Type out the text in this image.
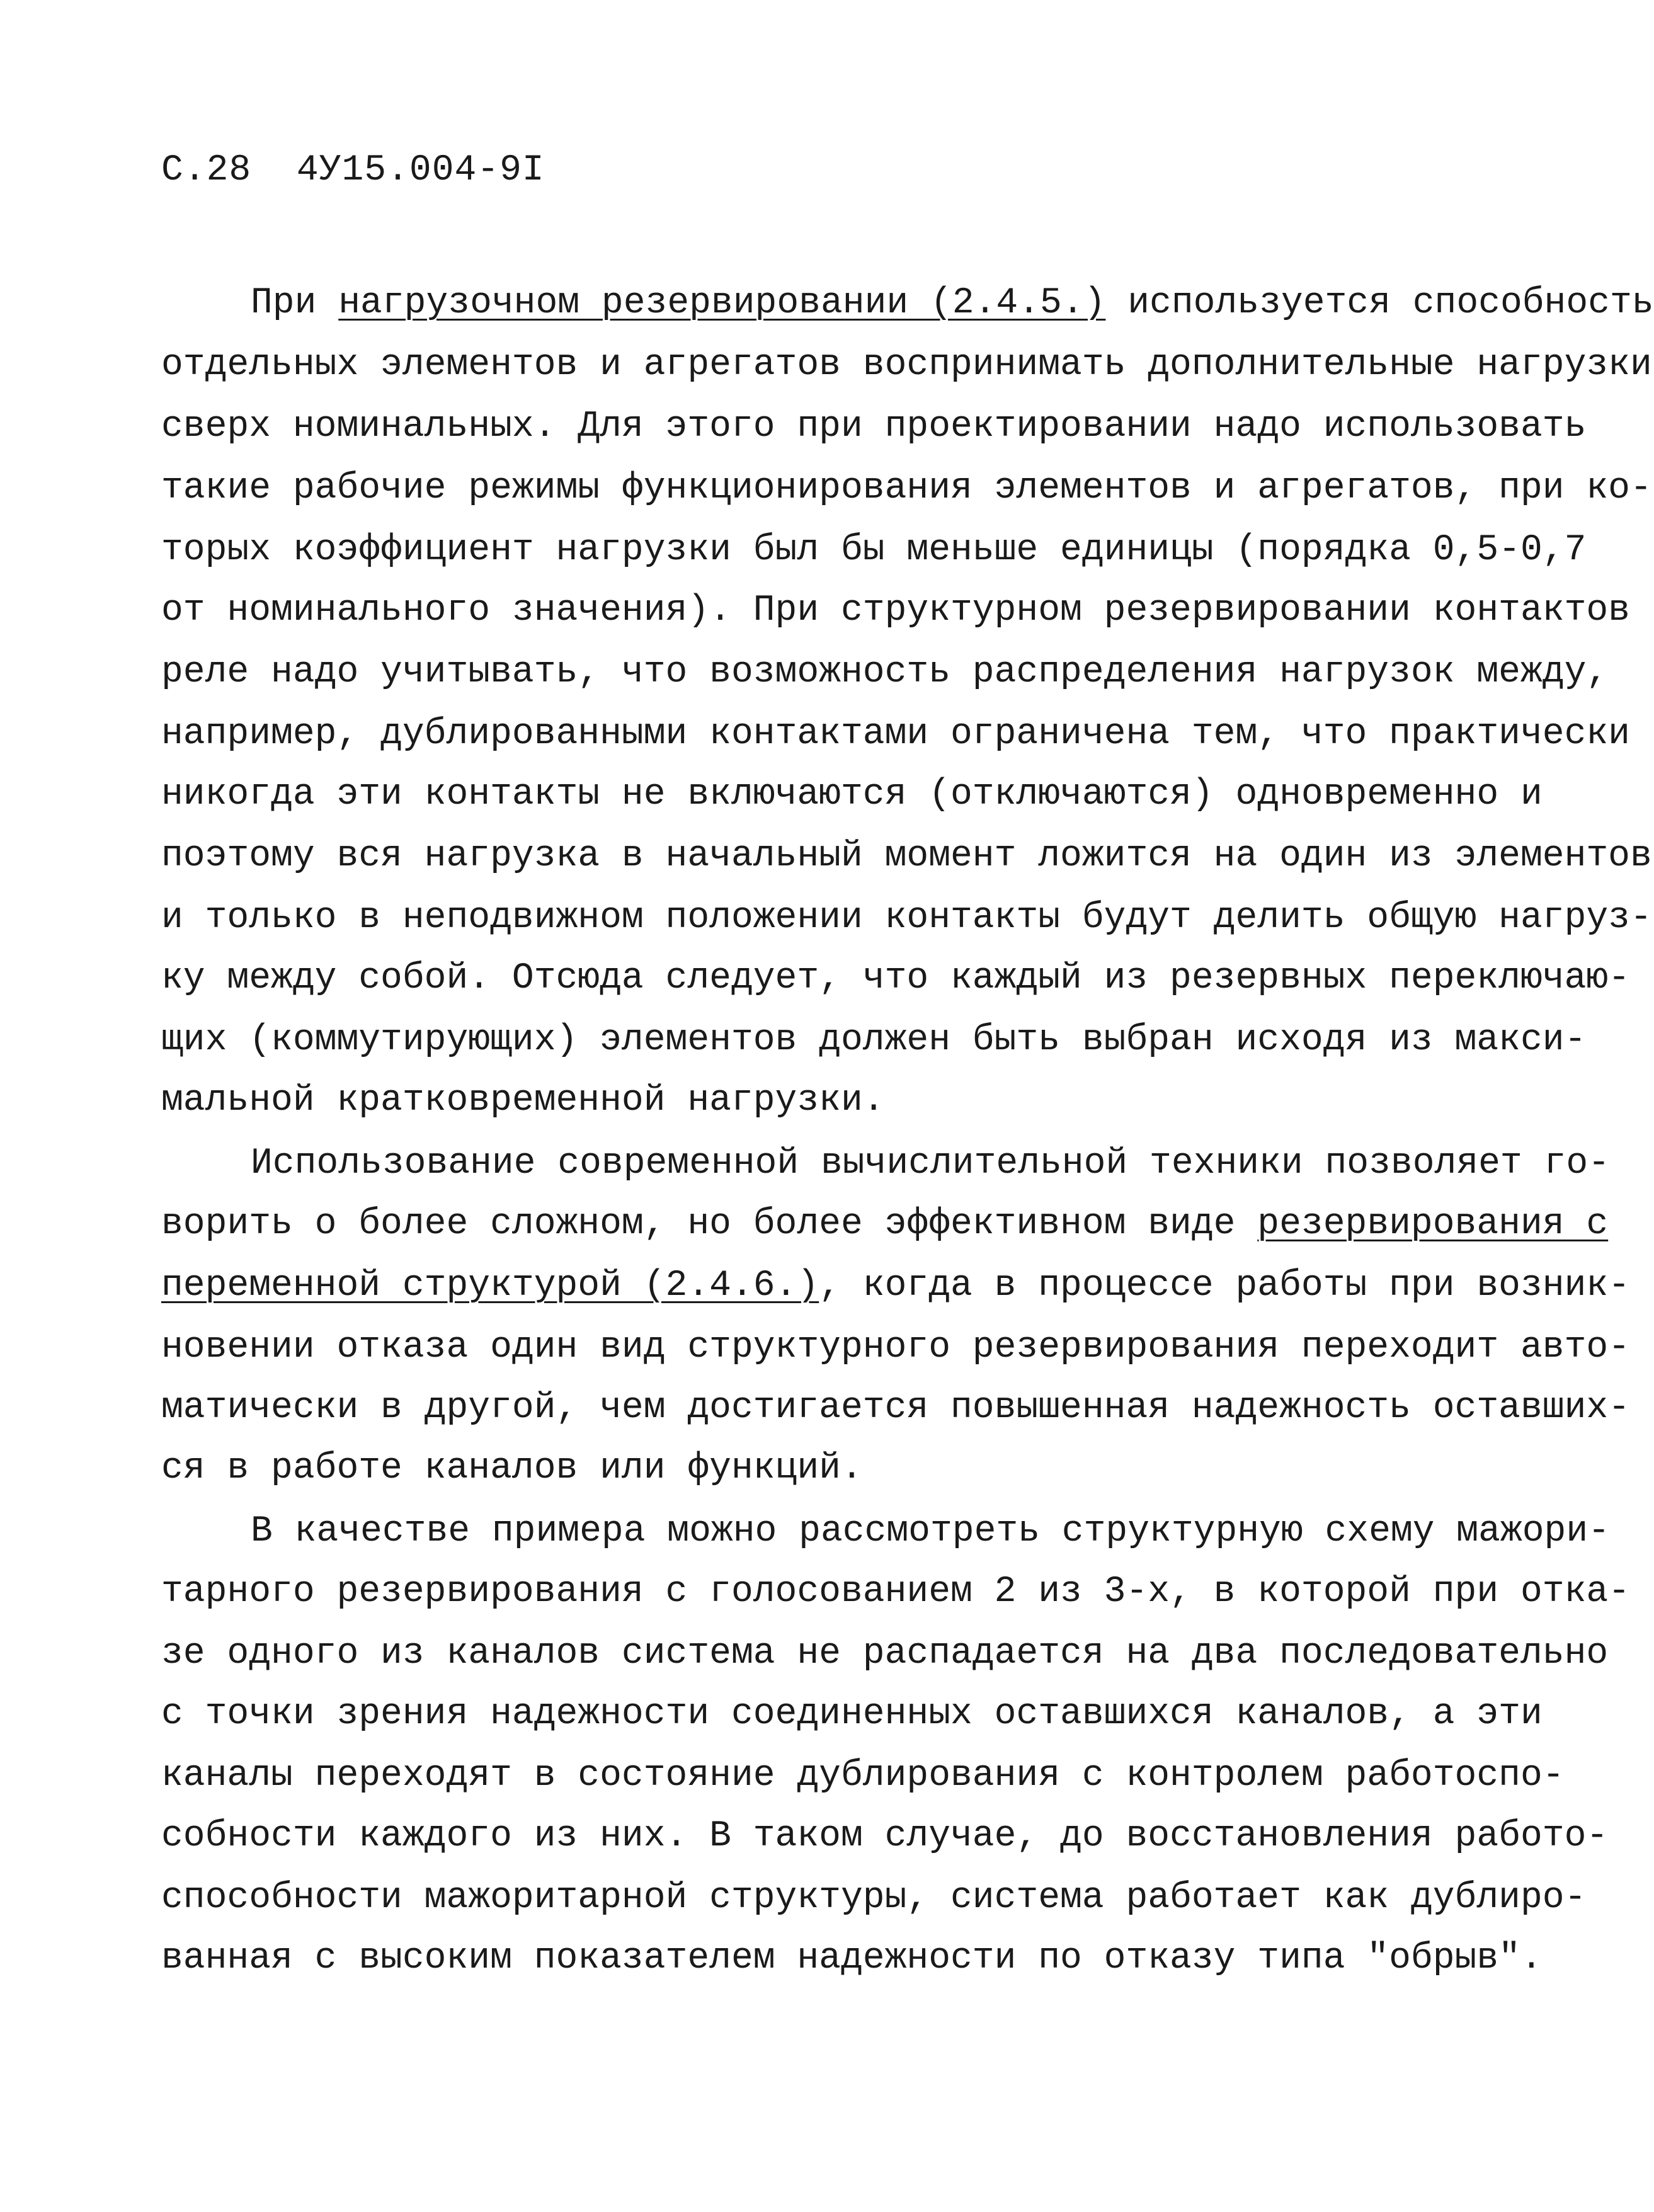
С.28 4У15.004-9I
При нагрузочном резервировании (2.4.5.) используется способность
отдельных элементов и агрегатов воспринимать дополнительные нагрузки
сверх номинальных. Для этого при проектировании надо использовать
такие рабочие режимы функционирования элементов и агрегатов, при ко-
торых коэффициент нагрузки был бы меньше единицы (порядка 0,5-0,7
от номинального значения). При структурном резервировании контактов
реле надо учитывать, что возможность распределения нагрузок между,
например, дублированными контактами ограничена тем, что практически
никогда эти контакты не включаются (отключаются) одновременно и
поэтому вся нагрузка в начальный момент ложится на один из элементов
и только в неподвижном положении контакты будут делить общую нагруз-
ку между собой. Отсюда следует, что каждый из резервных переключаю-
щих (коммутирующих) элементов должен быть выбран исходя из макси-
мальной кратковременной нагрузки.
Использование современной вычислительной техники позволяет го-
ворить о более сложном, но более эффективном виде резервирования с
переменной структурой (2.4.6.), когда в процессе работы при возник-
новении отказа один вид структурного резервирования переходит авто-
матически в другой, чем достигается повышенная надежность оставших-
ся в работе каналов или функций.
В качестве примера можно рассмотреть структурную схему мажори-
тарного резервирования с голосованием 2 из 3-х, в которой при отка-
зе одного из каналов система не распадается на два последовательно
с точки зрения надежности соединенных оставшихся каналов, а эти
каналы переходят в состояние дублирования с контролем работоспо-
собности каждого из них. В таком случае, до восстановления работо-
способности мажоритарной структуры, система работает как дублиро-
ванная с высоким показателем надежности по отказу типа "обрыв".
